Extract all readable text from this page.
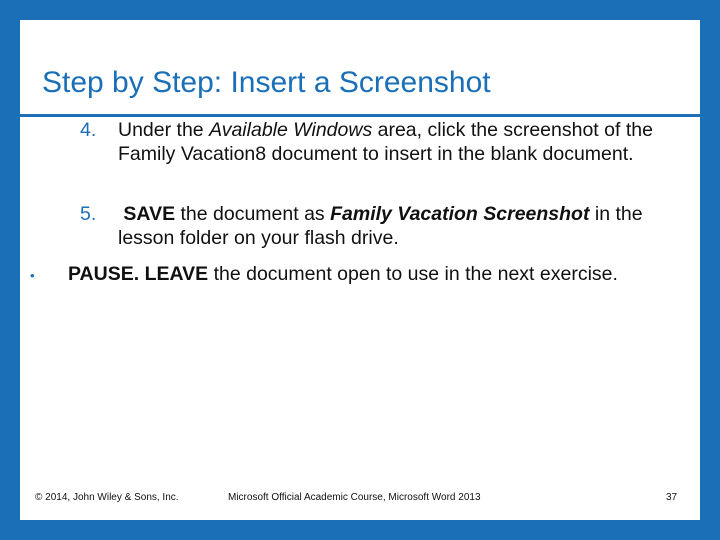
Step by Step: Insert a Screenshot
4. Under the Available Windows area, click the screenshot of the Family Vacation8 document to insert in the blank document.
5. SAVE the document as Family Vacation Screenshot in the lesson folder on your flash drive.
• PAUSE. LEAVE the document open to use in the next exercise.
© 2014, John Wiley & Sons, Inc.	Microsoft Official Academic Course, Microsoft Word 2013	37
